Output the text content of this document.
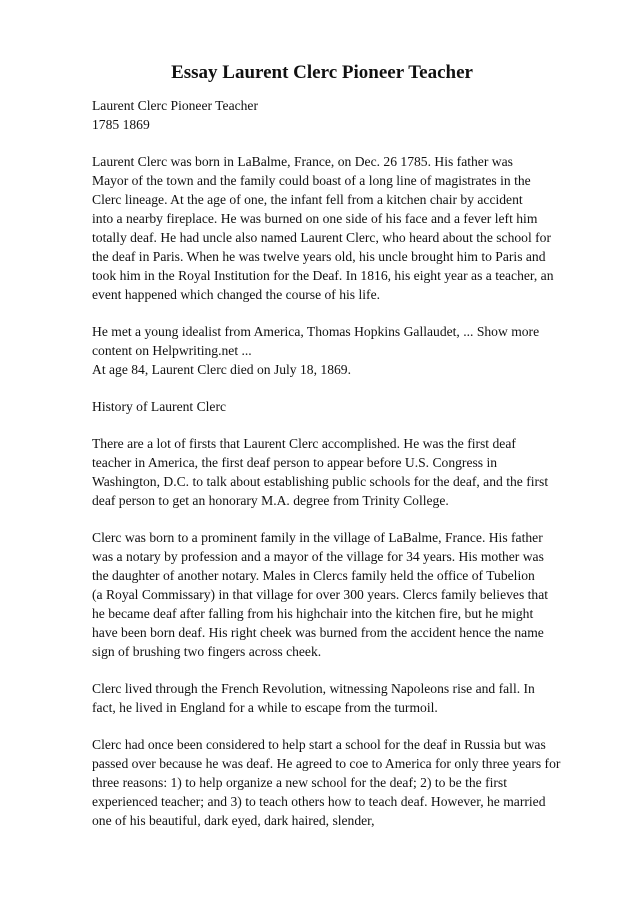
Essay Laurent Clerc Pioneer Teacher
Laurent Clerc Pioneer Teacher
1785 1869
Laurent Clerc was born in LaBalme, France, on Dec. 26 1785. His father was
Mayor of the town and the family could boast of a long line of magistrates in the
Clerc lineage. At the age of one, the infant fell from a kitchen chair by accident
into a nearby fireplace. He was burned on one side of his face and a fever left him
totally deaf. He had uncle also named Laurent Clerc, who heard about the school for
the deaf in Paris. When he was twelve years old, his uncle brought him to Paris and
took him in the Royal Institution for the Deaf. In 1816, his eight year as a teacher, an
event happened which changed the course of his life.
He met a young idealist from America, Thomas Hopkins Gallaudet, ... Show more
content on Helpwriting.net ...
At age 84, Laurent Clerc died on July 18, 1869.
History of Laurent Clerc
There are a lot of firsts that Laurent Clerc accomplished. He was the first deaf
teacher in America, the first deaf person to appear before U.S. Congress in
Washington, D.C. to talk about establishing public schools for the deaf, and the first
deaf person to get an honorary M.A. degree from Trinity College.
Clerc was born to a prominent family in the village of LaBalme, France. His father
was a notary by profession and a mayor of the village for 34 years. His mother was
the daughter of another notary. Males in Clercs family held the office of Tubelion
(a Royal Commissary) in that village for over 300 years. Clercs family believes that
he became deaf after falling from his highchair into the kitchen fire, but he might
have been born deaf. His right cheek was burned from the accident hence the name
sign of brushing two fingers across cheek.
Clerc lived through the French Revolution, witnessing Napoleons rise and fall. In
fact, he lived in England for a while to escape from the turmoil.
Clerc had once been considered to help start a school for the deaf in Russia but was
passed over because he was deaf. He agreed to coe to America for only three years for
three reasons: 1) to help organize a new school for the deaf; 2) to be the first
experienced teacher; and 3) to teach others how to teach deaf. However, he married
one of his beautiful, dark eyed, dark haired, slender,
